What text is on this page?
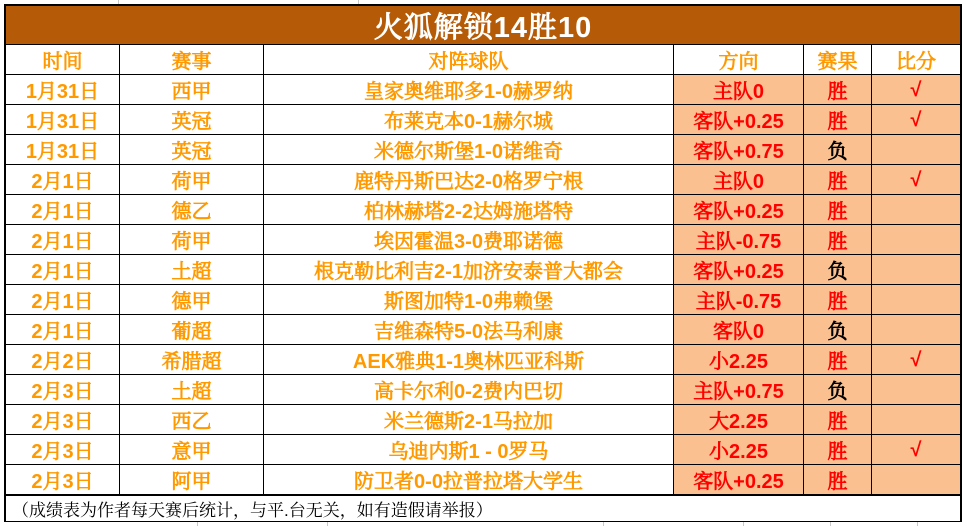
火狐解锁14胜10
时间	赛事	对阵球队	方向	赛果	比分
1月31日	西甲	皇家奥维耶多1-0赫罗纳	主队0	胜	√
1月31日	英冠	布莱克本0-1赫尔城	客队+0.25	胜	√
1月31日	英冠	米德尔斯堡1-0诺维奇	客队+0.75	负
2月1日	荷甲	鹿特丹斯巴达2-0格罗宁根	主队0	胜	√
2月1日	德乙	柏林赫塔2-2达姆施塔特	客队+0.25	胜
2月1日	荷甲	埃因霍温3-0费耶诺德	主队-0.75	胜
2月1日	土超	根克勒比利吉2-1加济安泰普大都会	客队+0.25	负
2月1日	德甲	斯图加特1-0弗赖堡	主队-0.75	胜
2月1日	葡超	吉维森特5-0法马利康	客队0	负
2月2日	希腊超	AEK雅典1-1奥林匹亚科斯	小2.25	胜	√
2月3日	土超	高卡尔利0-2费内巴切	主队+0.75	负
2月3日	西乙	米兰德斯2-1马拉加	大2.25	胜
2月3日	意甲	乌迪内斯1 - 0罗马	小2.25	胜	√
2月3日	阿甲	防卫者0-0拉普拉塔大学生	客队+0.25	胜
（成绩表为作者每天赛后统计，与平.台无关，如有造假请举报）
